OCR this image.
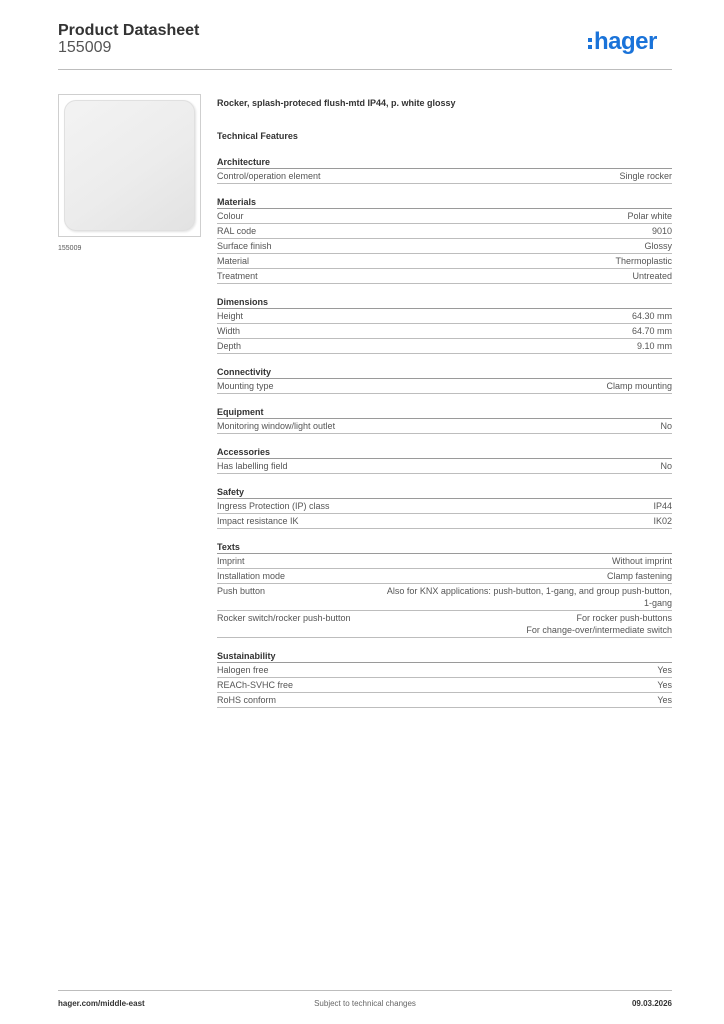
Product Datasheet
155009	hager
155009
Rocker, splash-proteced flush-mtd IP44, p. white glossy
Technical Features
Architecture
Control/operation element	Single rocker
Materials
Colour	Polar white
RAL code	9010
Surface finish	Glossy
Material	Thermoplastic
Treatment	Untreated
Dimensions
Height	64.30 mm
Width	64.70 mm
Depth	9.10 mm
Connectivity
Mounting type	Clamp mounting
Equipment
Monitoring window/light outlet	No
Accessories
Has labelling field	No
Safety
Ingress Protection (IP) class	IP44
Impact resistance IK	IK02
Texts
Imprint	Without imprint
Installation mode	Clamp fastening
Push button	Also for KNX applications: push-button, 1-gang, and group push-button,
1-gang
Rocker switch/rocker push-button	For rocker push-buttons
For change-over/intermediate switch
Sustainability
Halogen free	Yes
REACh-SVHC free	Yes
RoHS conform	Yes
hager.com/middle-east	Subject to technical changes	09.03.2026
